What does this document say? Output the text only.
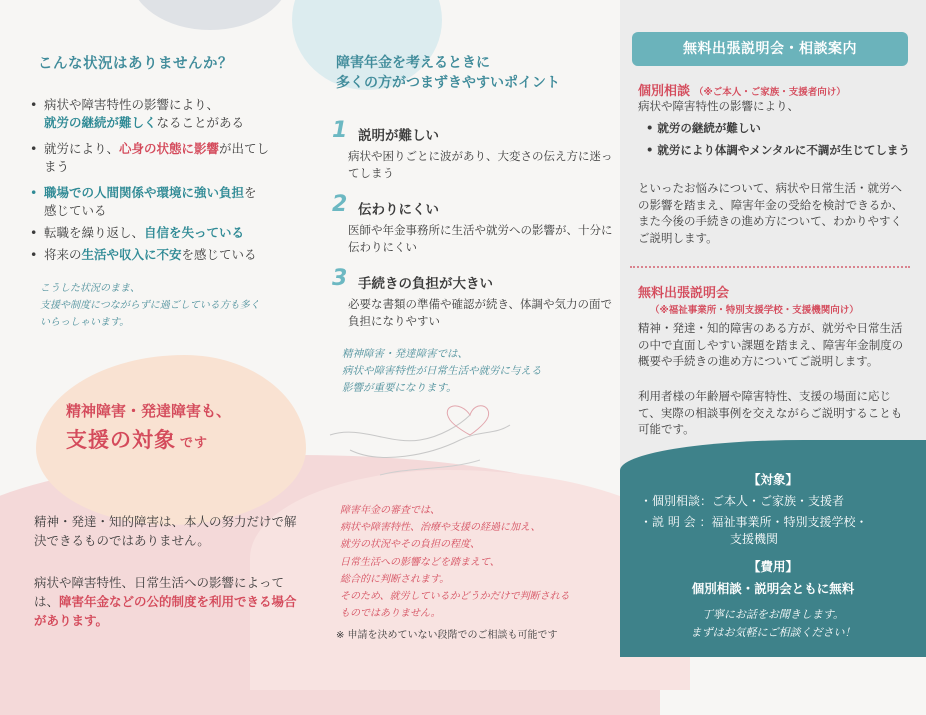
こんな状況はありませんか？
• 病状や障害特性の影響により、
就労の継続が難しくなることがある
• 就労により、心身の状態に影響が出てし
まう
• 職場での人間関係や環境に強い負担を
感じている
• 転職を繰り返し、自信を失っている
• 将来の生活や収入に不安を感じている
こうした状況のまま、
支援や制度につながらずに過ごしている方も多く
いらっしゃいます。
精神障害・発達障害も、
支援の対象 です
精神・発達・知的障害は、本人の努力だけで解決できるものではありません。
病状や障害特性、日常生活への影響によっては、障害年金などの公的制度を利用できる場合があります。
障害年金を考えるときに
多くの方がつまずきやすいポイント
1 説明が難しい
病状や困りごとに波があり、大変さの伝え方に迷ってしまう
2 伝わりにくい
医師や年金事務所に生活や就労への影響が、十分に伝わりにくい
3 手続きの負担が大きい
必要な書類の準備や確認が続き、体調や気力の面で負担になりやすい
精神障害・発達障害では、
病状や障害特性が日常生活や就労に与える
影響が重要になります。
障害年金の審査では、
病状や障害特性、治療や支援の経過に加え、
就労の状況やその負担の程度、
日常生活への影響などを踏まえて、
総合的に判断されます。
そのため、就労しているかどうかだけで判断される
ものではありません。
※ 申請を決めていない段階でのご相談も可能です
無料出張説明会・相談案内
個別相談 （※ご本人・ご家族・支援者向け）
病状や障害特性の影響により、
• 就労の継続が難しい
• 就労により体調やメンタルに不調が生じてしまう
といったお悩みについて、病状や日常生活・就労への影響を踏まえ、障害年金の受給を検討できるか、また今後の手続きの進め方について、わかりやすくご説明します。
無料出張説明会
（※福祉事業所・特別支援学校・支援機関向け）
精神・発達・知的障害のある方が、就労や日常生活の中で直面しやすい課題を踏まえ、障害年金制度の概要や手続きの進め方についてご説明します。
利用者様の年齢層や障害特性、支援の場面に応じて、実際の相談事例を交えながらご説明することも可能です。
【対象】
・個別相談：ご本人・ご家族・支援者
・説 明 会 ：福祉事業所・特別支援学校・
支援機関
【費用】
個別相談・説明会ともに無料
丁寧にお話をお聞きします。
まずはお気軽にご相談ください！
